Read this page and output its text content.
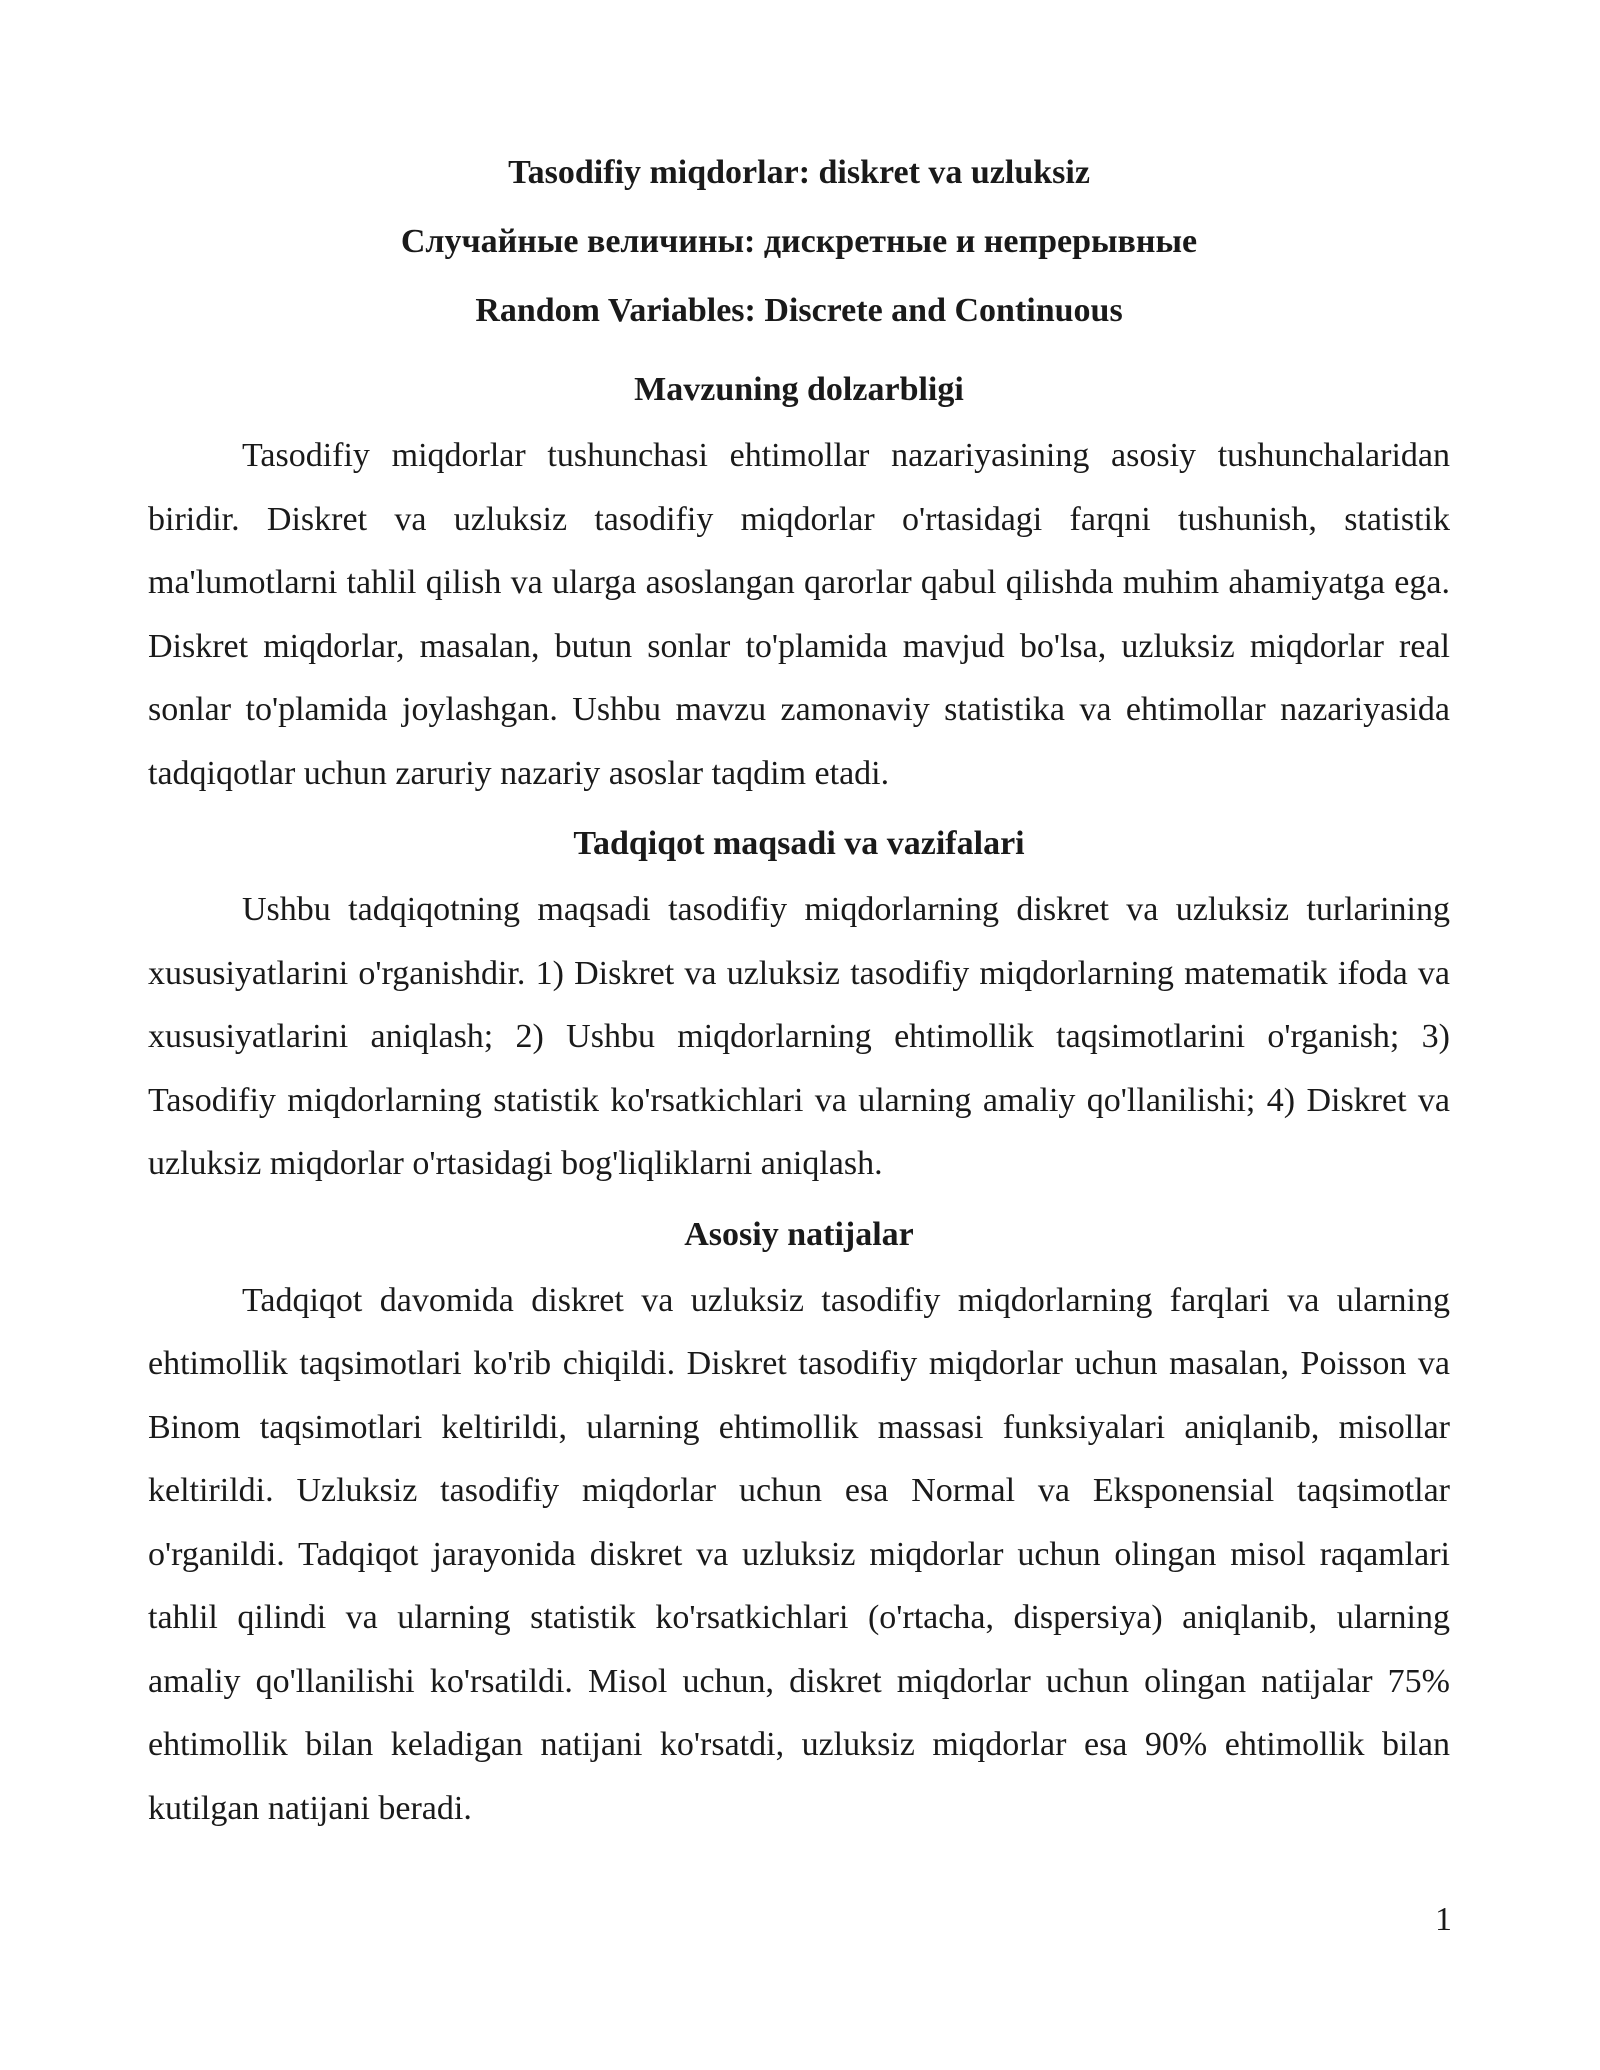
Tasodifiy miqdorlar: diskret va uzluksiz
Случайные величины: дискретные и непрерывные
Random Variables: Discrete and Continuous
Mavzuning dolzarbligi

Tasodifiy miqdorlar tushunchasi ehtimollar nazariyasining asosiy tushunchalaridan biridir. Diskret va uzluksiz tasodifiy miqdorlar o'rtasidagi farqni tushunish, statistik ma'lumotlarni tahlil qilish va ularga asoslangan qarorlar qabul qilishda muhim ahamiyatga ega. Diskret miqdorlar, masalan, butun sonlar to'plamida mavjud bo'lsa, uzluksiz miqdorlar real sonlar to'plamida joylashgan. Ushbu mavzu zamonaviy statistika va ehtimollar nazariyasida tadqiqotlar uchun zaruriy nazariy asoslar taqdim etadi.

Tadqiqot maqsadi va vazifalari

Ushbu tadqiqotning maqsadi tasodifiy miqdorlarning diskret va uzluksiz turlarining xususiyatlarini o'rganishdir. 1) Diskret va uzluksiz tasodifiy miqdorlarning matematik ifoda va xususiyatlarini aniqlash; 2) Ushbu miqdorlarning ehtimollik taqsimotlarini o'rganish; 3) Tasodifiy miqdorlarning statistik ko'rsatkichlari va ularning amaliy qo'llanilishi; 4) Diskret va uzluksiz miqdorlar o'rtasidagi bog'liqliklarni aniqlash.

Asosiy natijalar

Tadqiqot davomida diskret va uzluksiz tasodifiy miqdorlarning farqlari va ularning ehtimollik taqsimotlari ko'rib chiqildi. Diskret tasodifiy miqdorlar uchun masalan, Poisson va Binom taqsimotlari keltirildi, ularning ehtimollik massasi funksiyalari aniqlanib, misollar keltirildi. Uzluksiz tasodifiy miqdorlar uchun esa Normal va Eksponensial taqsimotlar o'rganildi. Tadqiqot jarayonida diskret va uzluksiz miqdorlar uchun olingan misol raqamlari tahlil qilindi va ularning statistik ko'rsatkichlari (o'rtacha, dispersiya) aniqlanib, ularning amaliy qo'llanilishi ko'rsatildi. Misol uchun, diskret miqdorlar uchun olingan natijalar 75% ehtimollik bilan keladigan natijani ko'rsatdi, uzluksiz miqdorlar esa 90% ehtimollik bilan kutilgan natijani beradi.

1
